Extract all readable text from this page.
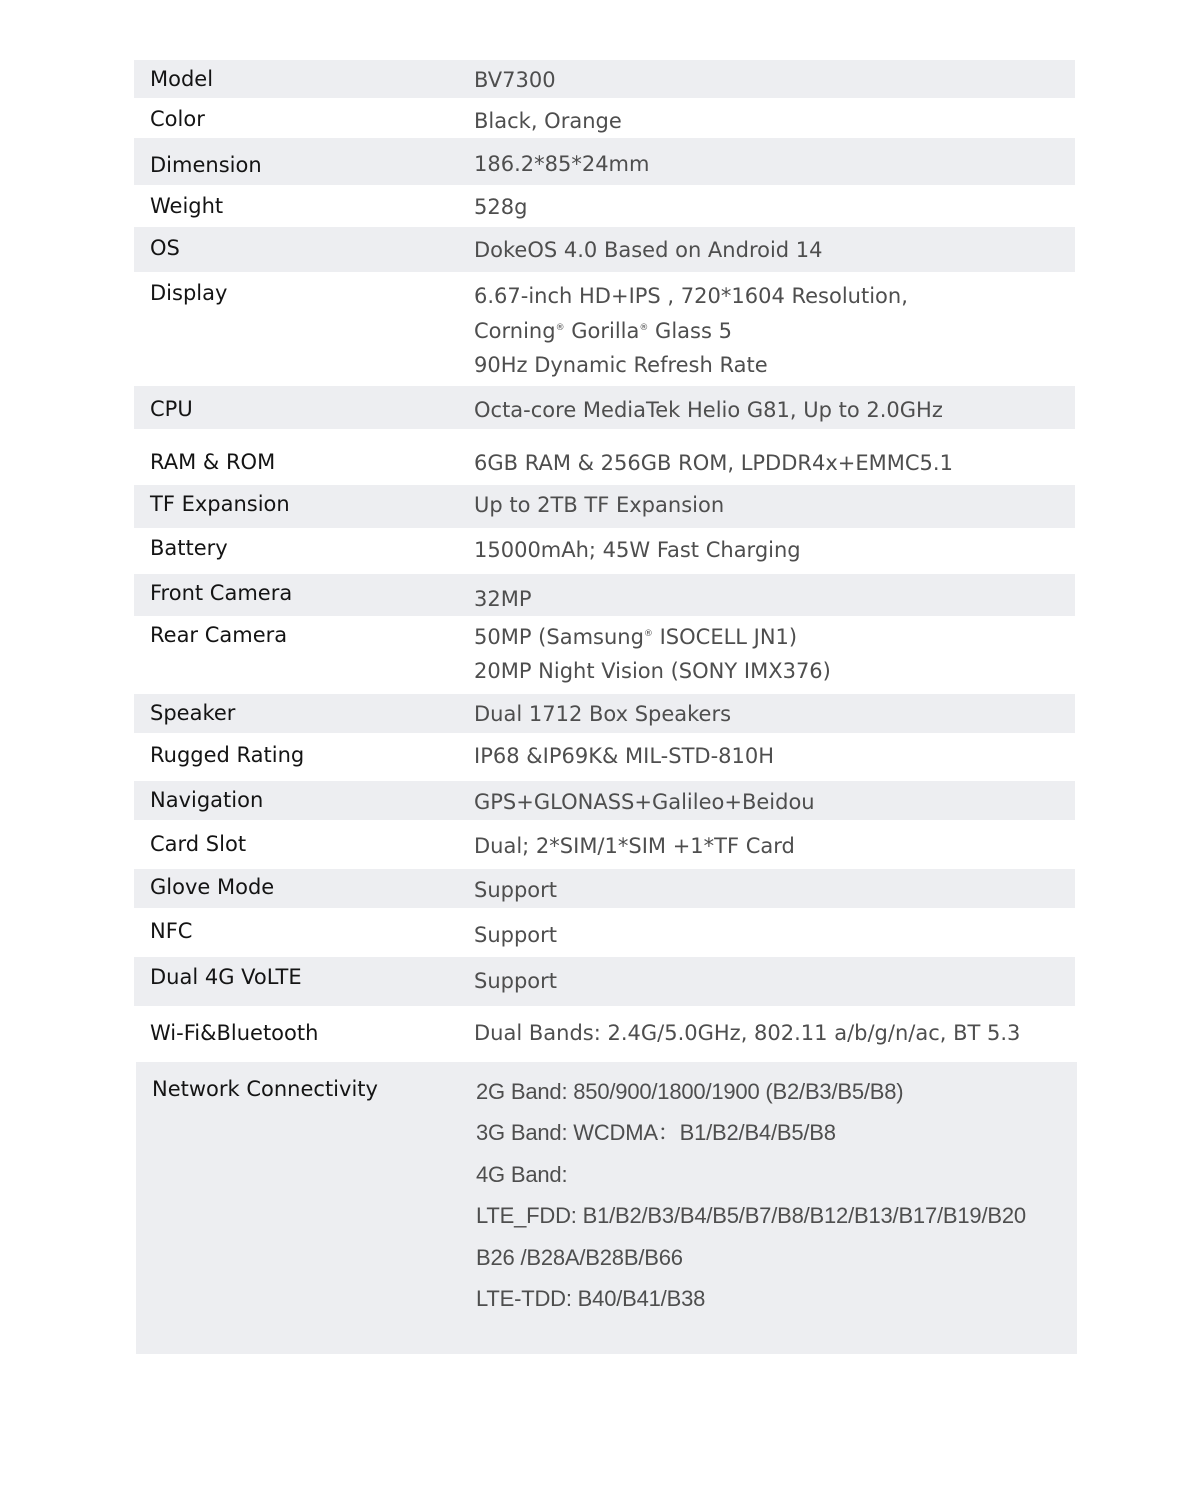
Model	BV7300
Color	Black, Orange
Dimension	186.2*85*24mm
Weight	528g
OS	DokeOS 4.0 Based on Android 14
Display	6.67-inch HD+IPS , 720*1604 Resolution,
Corning® Gorilla® Glass 5
90Hz Dynamic Refresh Rate
CPU	Octa-core MediaTek Helio G81, Up to 2.0GHz
RAM & ROM	6GB RAM & 256GB ROM, LPDDR4x+EMMC5.1
TF Expansion	Up to 2TB TF Expansion
Battery	15000mAh; 45W Fast Charging
Front Camera	32MP
Rear Camera	50MP (Samsung® ISOCELL JN1)
20MP Night Vision (SONY IMX376)
Speaker	Dual 1712 Box Speakers
Rugged Rating	IP68 &IP69K& MIL-STD-810H
Navigation	GPS+GLONASS+Galileo+Beidou
Card Slot	Dual; 2*SIM/1*SIM +1*TF Card
Glove Mode	Support
NFC	Support
Dual 4G VoLTE	Support
Wi-Fi&Bluetooth	Dual Bands: 2.4G/5.0GHz, 802.11 a/b/g/n/ac, BT 5.3
Network Connectivity	2G Band: 850/900/1800/1900 (B2/B3/B5/B8)
3G Band: WCDMA：B1/B2/B4/B5/B8
4G Band:
LTE_FDD: B1/B2/B3/B4/B5/B7/B8/B12/B13/B17/B19/B20
B26 /B28A/B28B/B66
LTE-TDD: B40/B41/B38
